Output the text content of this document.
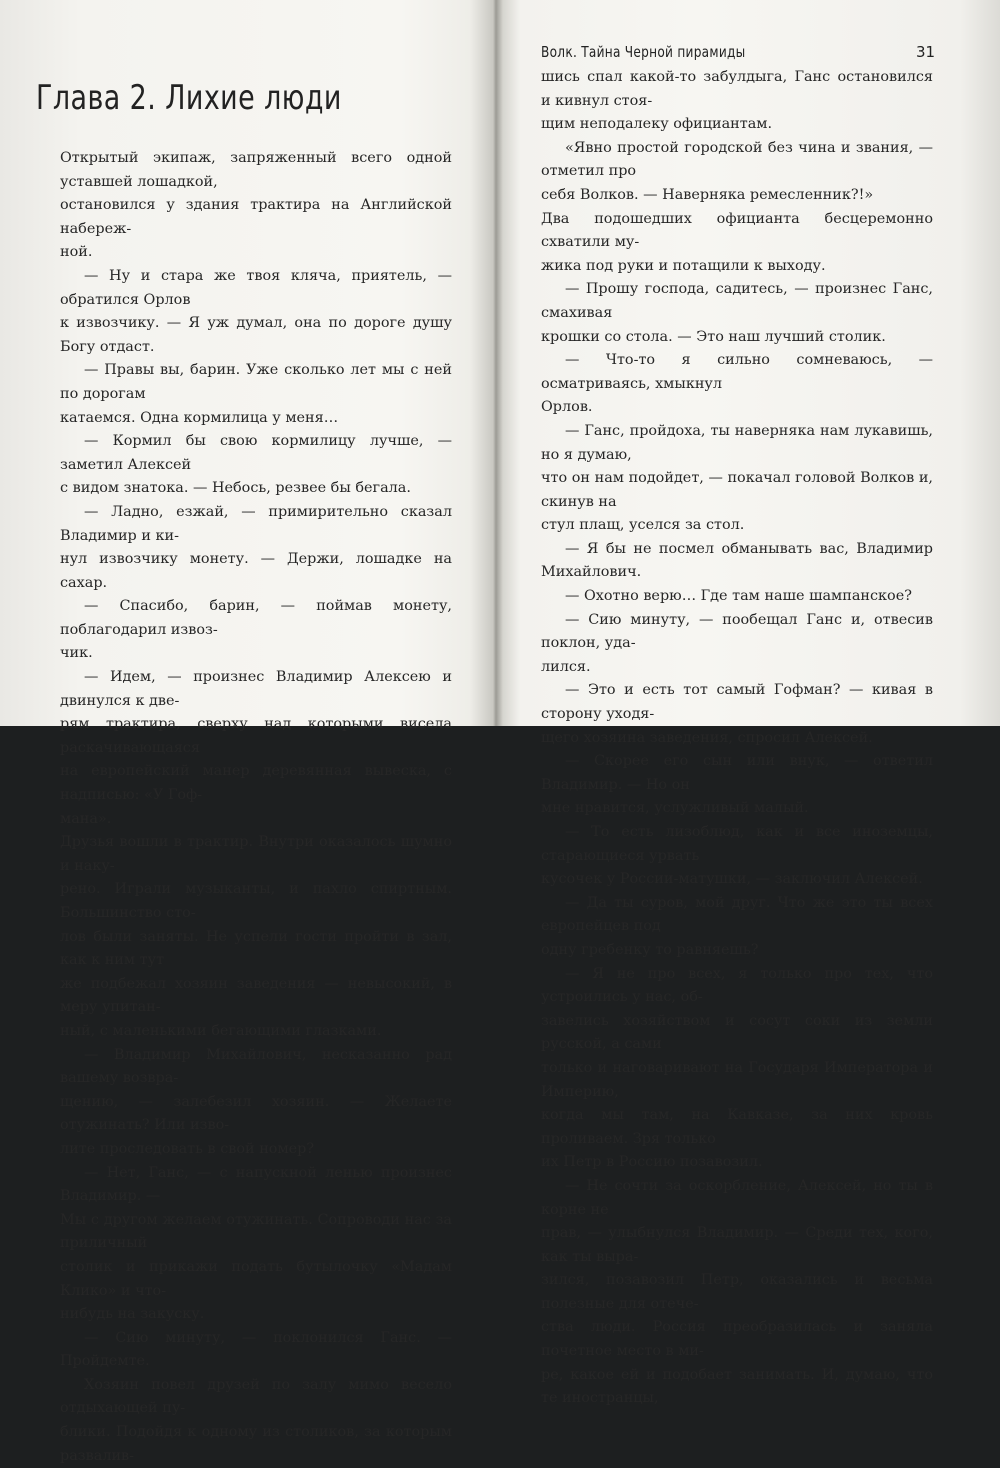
Глава 2. Лихие люди

Открытый экипаж, запряженный всего одной уставшей лошадкой,

остановился у здания трактира на Английской набереж-

ной.

— Ну и стара же твоя кляча, приятель, — обратился Орлов

к извозчику. — Я уж думал, она по дороге душу Богу отдаст.

— Правы вы, барин. Уже сколько лет мы с ней по дорогам

катаемся. Одна кормилица у меня…

— Кормил бы свою кормилицу лучше, — заметил Алексей

с видом знатока. — Небось, резвее бы бегала.

— Ладно, езжай, — примирительно сказал Владимир и ки-

нул извозчику монету. — Держи, лошадке на сахар.

— Спасибо, барин, — поймав монету, поблагодарил извоз-

чик.

— Идем, — произнес Владимир Алексею и двинулся к две-

рям трактира, сверху над которыми висела раскачивающаяся

на европейский манер деревянная вывеска, с надписью: «У Гоф-

мана».

Друзья вошли в трактир. Внутри оказалось шумно и наку-

рено. Играли музыканты, и пахло спиртным. Большинство сто-

лов были заняты. Не успели гости пройти в зал, как к ним тут

же подбежал хозяин заведения — невысокий, в меру упитан-

ный, с маленькими бегающими глазками.

— Владимир Михайлович, несказанно рад вашему возвра-

щению, — залебезил хозяин. — Желаете отужинать? Или изво-

лите проследовать в свой номер?

— Нет, Ганс, — с напускной ленью произнес Владимир. —

Мы с другом желаем отужинать. Сопроводи нас за приличный

столик и прикажи подать бутылочку «Мадам Клико» и что-

нибудь на закуску.

— Сию минуту, — поклонился Ганс. — Пройдемте.

Хозяин повел друзей по залу мимо весело отдыхающей пу-

блики. Подойдя к одному из столиков, за которым развалив-

Волк. Тайна Черной пирамиды	31

шись спал какой-то забулдыга, Ганс остановился и кивнул стоя-

щим неподалеку официантам.

«Явно простой городской без чина и звания, — отметил про

себя Волков. — Наверняка ремесленник?!»

Два подошедших официанта бесцеремонно схватили му-

жика под руки и потащили к выходу.

— Прошу господа, садитесь, — произнес Ганс, смахивая

крошки со стола. — Это наш лучший столик.

— Что-то я сильно сомневаюсь, — осматриваясь, хмыкнул

Орлов.

— Ганс, пройдоха, ты наверняка нам лукавишь, но я думаю,

что он нам подойдет, — покачал головой Волков и, скинув на

стул плащ, уселся за стол.

— Я бы не посмел обманывать вас, Владимир Михайлович.

— Охотно верю… Где там наше шампанское?

— Сию минуту, — пообещал Ганс и, отвесив поклон, уда-

лился.

— Это и есть тот самый Гофман? — кивая в сторону уходя-

щего хозяина заведения, спросил Алексей.

— Скорее его сын или внук, — ответил Владимир. — Но он

мне нравится, услужливый малый.

— То есть лизоблюд, как и все иноземцы, старающиеся урвать

кусочек у России-матушки, — заключил Алексей.

— Да ты суров, мой друг. Что же это ты всех европейцев под

одну гребенку то равняешь?

— Я не про всех, я только про тех, что устроились у нас, об-

завелись хозяйством и сосут соки из земли русской, а сами

только и наговаривают на Государя Императора и Империю,

когда мы там, на Кавказе, за них кровь проливаем. Зря только

их Петр в Россию позавозил.

— Не сочти за оскорбление, Алексей, но ты в корне не

прав, — улыбнулся Владимир. — Среди тех, кого, как ты выра-

зился, позавозил Петр, оказались и весьма полезные для отече-

ства люди. Россия преобразилась и заняла почетное место в ми-

ре, какое ей и подобает занимать. И, думаю, что те иностранцы,
